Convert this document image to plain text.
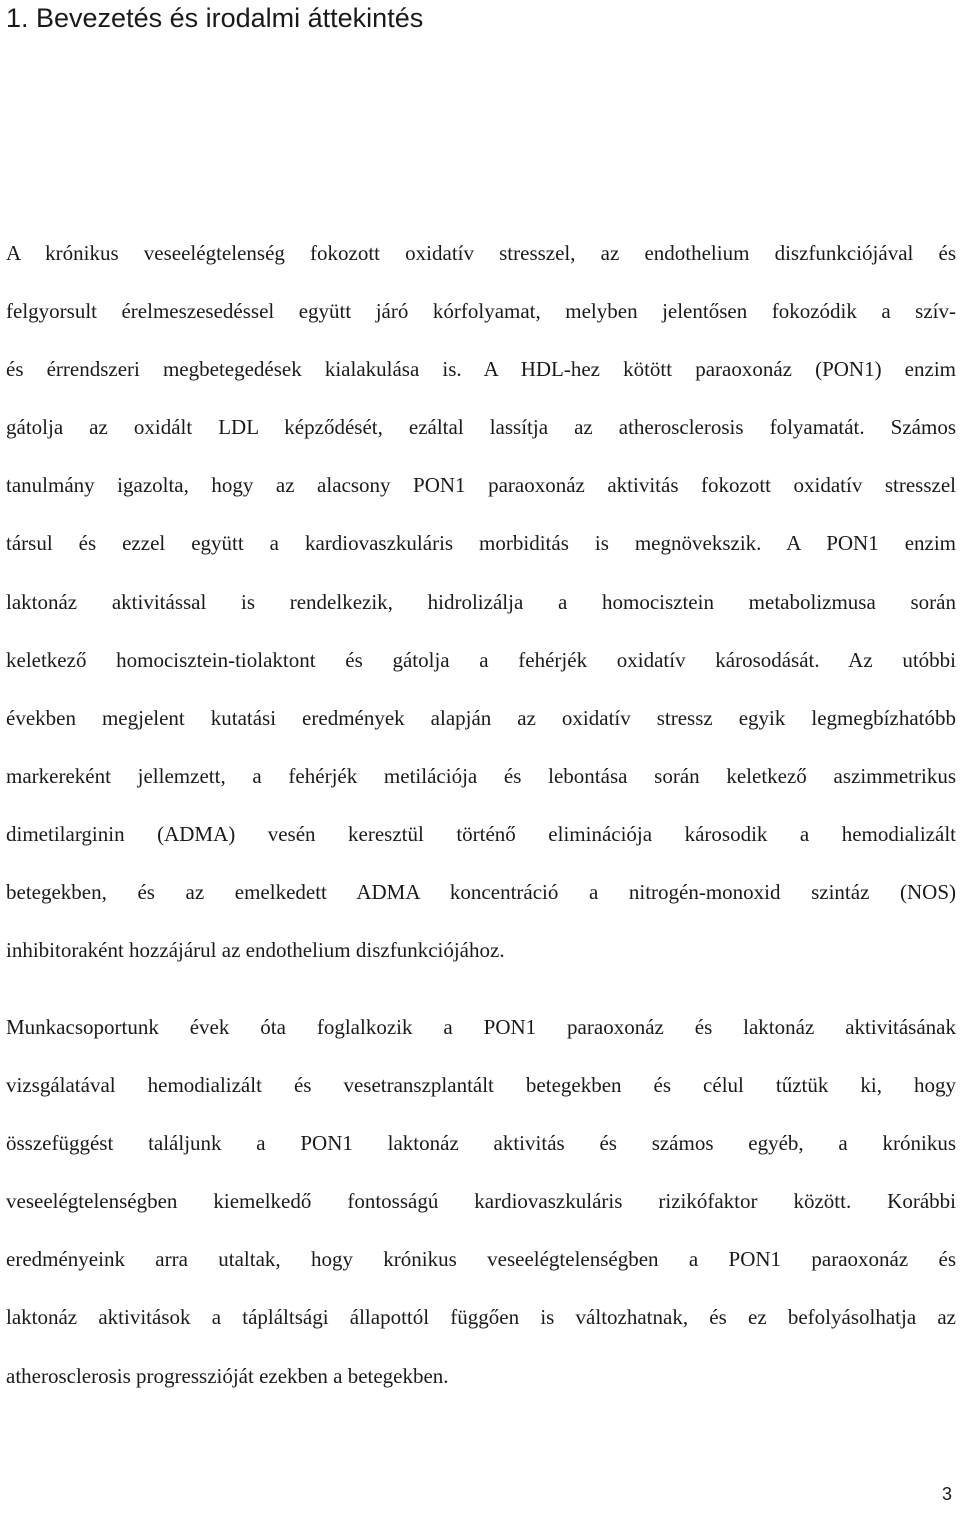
1. Bevezetés és irodalmi áttekintés
A krónikus veseelégtelenség fokozott oxidatív stresszel, az endothelium diszfunkciójával és
felgyorsult érelmeszesedéssel együtt járó kórfolyamat, melyben jelentősen fokozódik a szív-
és érrendszeri megbetegedések kialakulása is. A HDL-hez kötött paraoxonáz (PON1) enzim
gátolja az oxidált LDL képződését, ezáltal lassítja az atherosclerosis folyamatát. Számos
tanulmány igazolta, hogy az alacsony PON1 paraoxonáz aktivitás fokozott oxidatív stresszel
társul és ezzel együtt a kardiovaszkuláris morbiditás is megnövekszik. A PON1 enzim
laktonáz aktivitással is rendelkezik, hidrolizálja a homocisztein metabolizmusa során
keletkező homocisztein-tiolaktont és gátolja a fehérjék oxidatív károsodását. Az utóbbi
években megjelent kutatási eredmények alapján az oxidatív stressz egyik legmegbízhatóbb
markereként jellemzett, a fehérjék metilációja és lebontása során keletkező aszimmetrikus
dimetilarginin (ADMA) vesén keresztül történő eliminációja károsodik a hemodializált
betegekben, és az emelkedett ADMA koncentráció a nitrogén-monoxid szintáz (NOS)
inhibitoraként hozzájárul az endothelium diszfunkciójához.
Munkacsoportunk évek óta foglalkozik a PON1 paraoxonáz és laktonáz aktivitásának
vizsgálatával hemodializált és vesetranszplantált betegekben és célul tűztük ki, hogy
összefüggést találjunk a PON1 laktonáz aktivitás és számos egyéb, a krónikus
veseelégtelenségben kiemelkedő fontosságú kardiovaszkuláris rizikófaktor között. Korábbi
eredményeink arra utaltak, hogy krónikus veseelégtelenségben a PON1 paraoxonáz és
laktonáz aktivitások a tápláltsági állapottól függően is változhatnak, és ez befolyásolhatja az
atherosclerosis progresszióját ezekben a betegekben.
3
